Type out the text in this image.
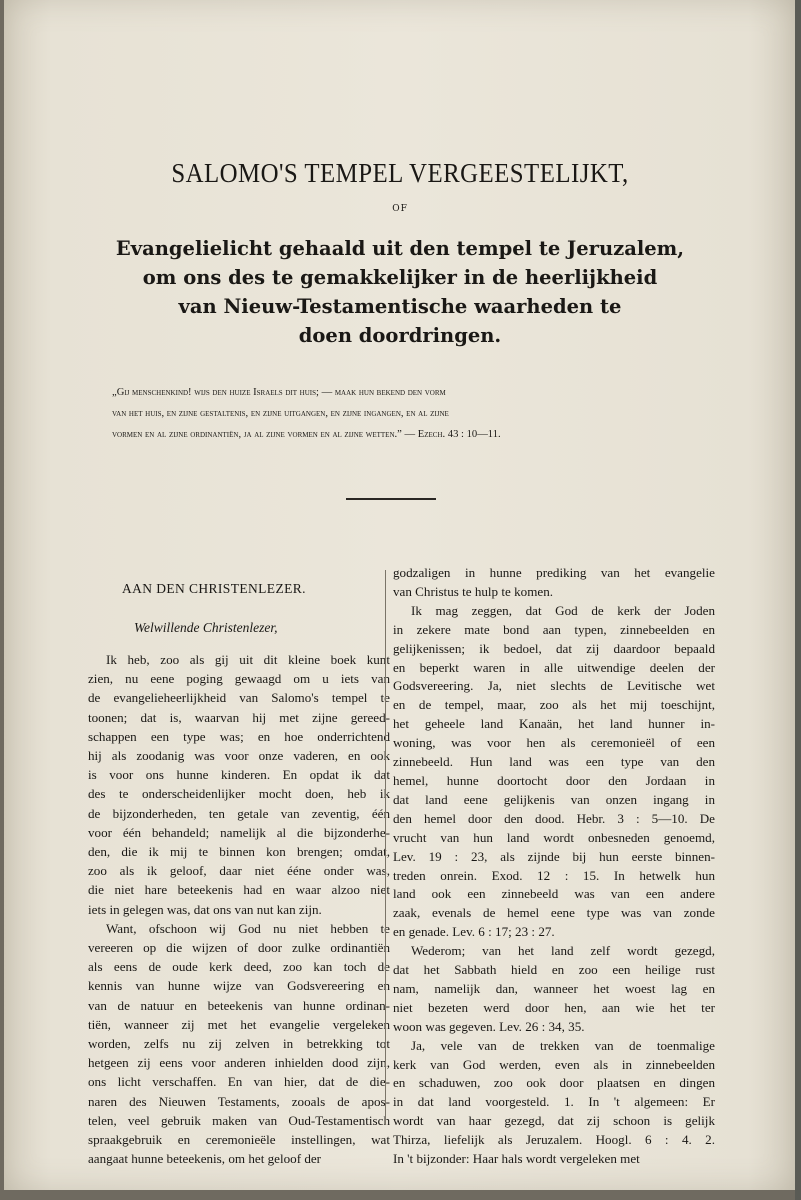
SALOMO'S TEMPEL VERGEESTELIJKT,
OF
Evangelielicht gehaald uit den tempel te Jeruzalem,
om ons des te gemakkelijker in de heerlijkheid
van Nieuw-Testamentische waarheden te
doen doordringen.
„Gij menschenkind! wijs den huize Israels dit huis; — maak hun bekend den vorm
van het huis, en zijne gestaltenis, en zijne uitgangen, en zijne ingangen, en al zijne
vormen en al zijne ordinantiën, ja al zijne vormen en al zijne wetten.” — Ezech. 43 : 10—11.
AAN DEN CHRISTENLEZER.
Welwillende Christenlezer,
Ik heb, zoo als gij uit dit kleine boek kunt
zien, nu eene poging gewaagd om u iets van
de evangelieheerlijkheid van Salomo's tempel te
toonen; dat is, waarvan hij met zijne gereed-
schappen een type was; en hoe onderrichtend
hij als zoodanig was voor onze vaderen, en ook
is voor ons hunne kinderen. En opdat ik dat
des te onderscheidenlijker mocht doen, heb ik
de bijzonderheden, ten getale van zeventig, één
voor één behandeld; namelijk al die bijzonderhe-
den, die ik mij te binnen kon brengen; omdat,
zoo als ik geloof, daar niet ééne onder was,
die niet hare beteekenis had en waar alzoo niet
iets in gelegen was, dat ons van nut kan zijn.
Want, ofschoon wij God nu niet hebben te
vereeren op die wijzen of door zulke ordinantiën
als eens de oude kerk deed, zoo kan toch de
kennis van hunne wijze van Godsvereering en
van de natuur en beteekenis van hunne ordinan-
tiën, wanneer zij met het evangelie vergeleken
worden, zelfs nu zij zelven in betrekking tot
hetgeen zij eens voor anderen inhielden dood zijn,
ons licht verschaffen. En van hier, dat de die-
naren des Nieuwen Testaments, zooals de apos-
telen, veel gebruik maken van Oud-Testamentisch
spraakgebruik en ceremonieële instellingen, wat
aangaat hunne beteekenis, om het geloof der
godzaligen in hunne prediking van het evangelie
van Christus te hulp te komen.
Ik mag zeggen, dat God de kerk der Joden
in zekere mate bond aan typen, zinnebeelden en
gelijkenissen; ik bedoel, dat zij daardoor bepaald
en beperkt waren in alle uitwendige deelen der
Godsvereering. Ja, niet slechts de Levitische wet
en de tempel, maar, zoo als het mij toeschijnt,
het geheele land Kanaän, het land hunner in-
woning, was voor hen als ceremonieël of een
zinnebeeld. Hun land was een type van den
hemel, hunne doortocht door den Jordaan in
dat land eene gelijkenis van onzen ingang in
den hemel door den dood. Hebr. 3 : 5—10. De
vrucht van hun land wordt onbesneden genoemd,
Lev. 19 : 23, als zijnde bij hun eerste binnen-
treden onrein. Exod. 12 : 15. In hetwelk hun
land ook een zinnebeeld was van een andere
zaak, evenals de hemel eene type was van zonde
en genade. Lev. 6 : 17; 23 : 27.
Wederom; van het land zelf wordt gezegd,
dat het Sabbath hield en zoo een heilige rust
nam, namelijk dan, wanneer het woest lag en
niet bezeten werd door hen, aan wie het ter
woon was gegeven. Lev. 26 : 34, 35.
Ja, vele van de trekken van de toenmalige
kerk van God werden, even als in zinnebeelden
en schaduwen, zoo ook door plaatsen en dingen
in dat land voorgesteld. 1. In 't algemeen: Er
wordt van haar gezegd, dat zij schoon is gelijk
Thirza, liefelijk als Jeruzalem. Hoogl. 6 : 4. 2.
In 't bijzonder: Haar hals wordt vergeleken met
